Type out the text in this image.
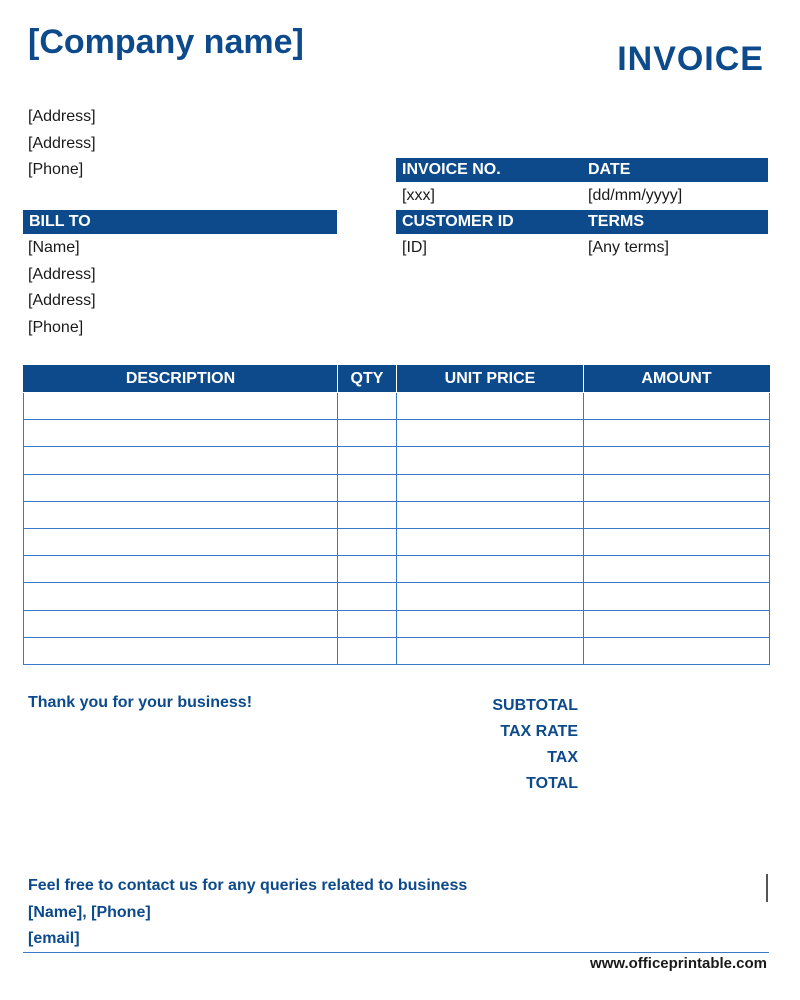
[Company name]	INVOICE
[Address]
[Address]
[Phone]	INVOICE NO.	DATE
[xxx]	[dd/mm/yyyy]
CUSTOMER ID	TERMS
[ID]	[Any terms]
BILL TO
[Name]
[Address]
[Address]
[Phone]
DESCRIPTION	QTY	UNIT PRICE	AMOUNT

Thank you for your business!	SUBTOTAL
TAX RATE
TAX
TOTAL
Feel free to contact us for any queries related to business
[Name], [Phone]
[email]
www.officeprintable.com
